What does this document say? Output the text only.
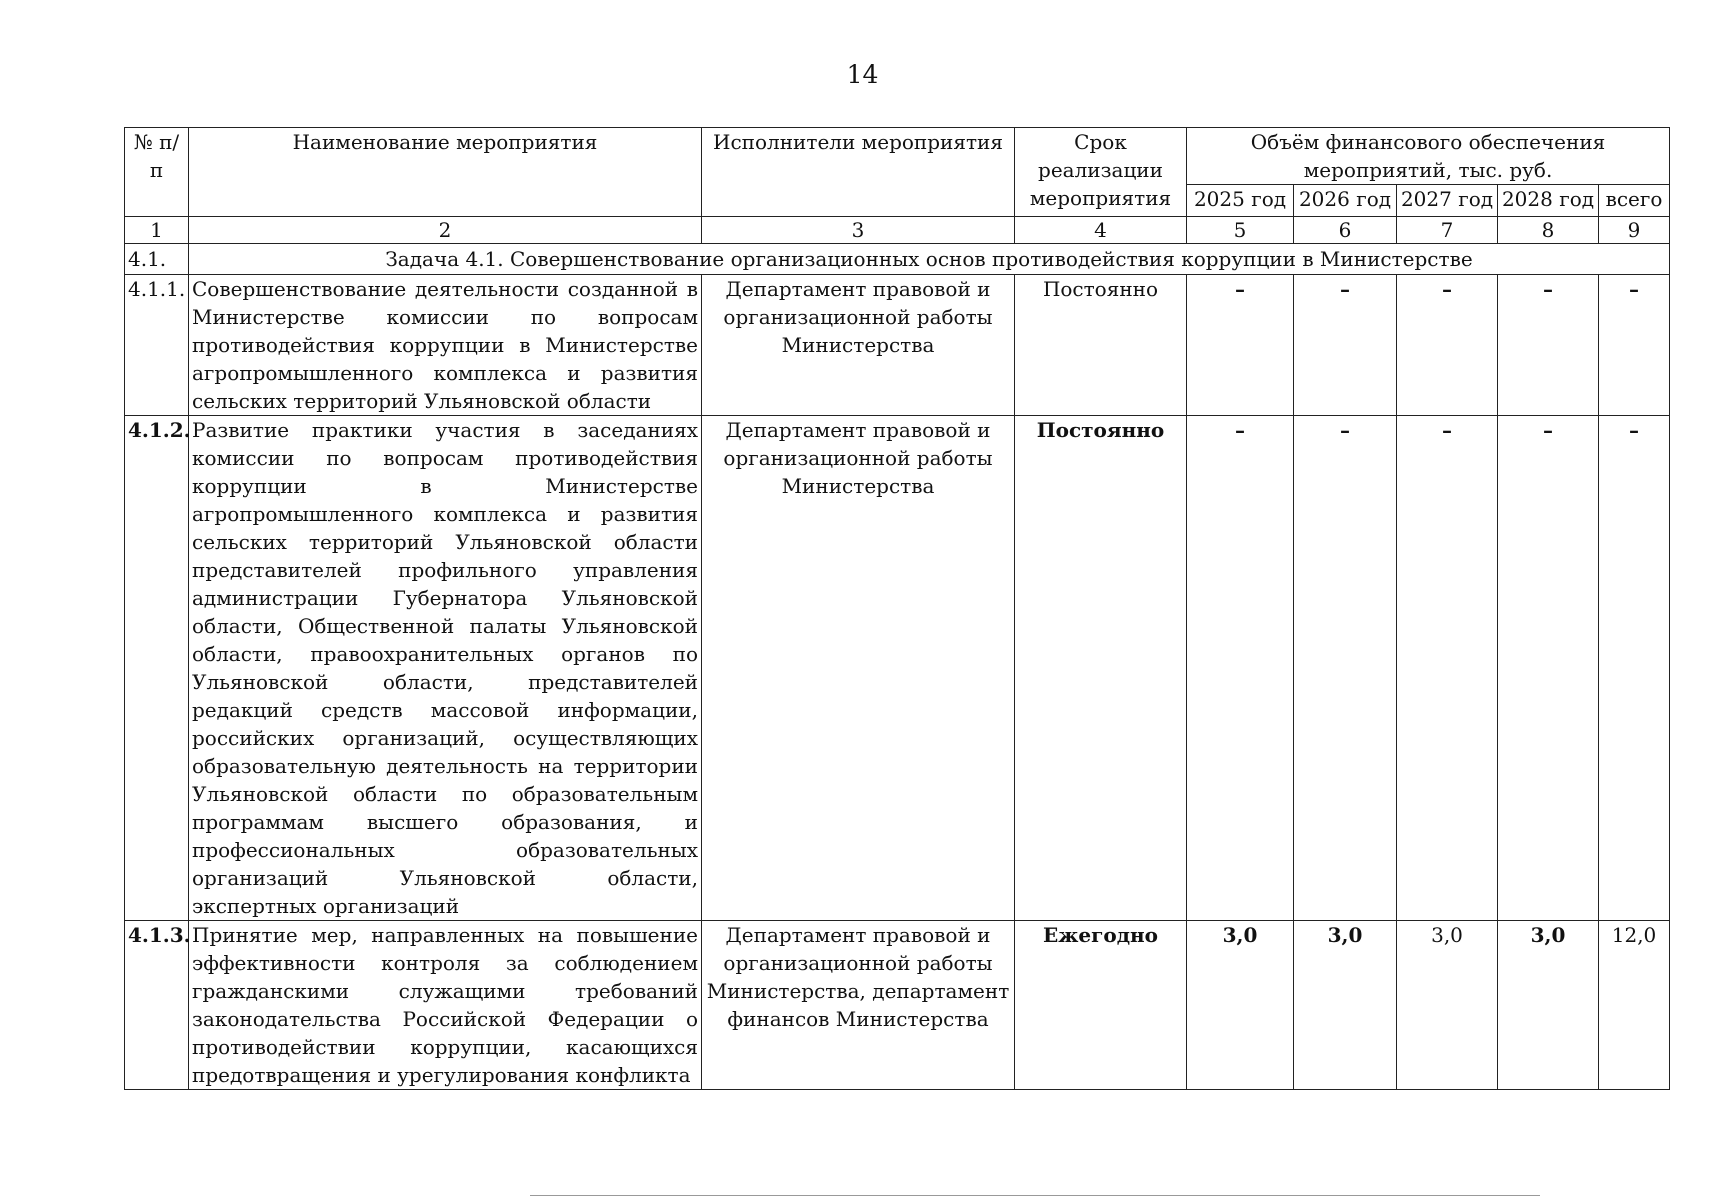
14
№ п/п	Наименование мероприятия	Исполнители мероприятия	Срок реализации мероприятия	Объём финансового обеспечения мероприятий, тыс. руб.				
				2025 год	2026 год	2027 год	2028 год	всего
1	2	3	4	5	6	7	8	9
4.1.	Задача 4.1. Совершенствование организационных основ противодействия коррупции в Министерстве							
4.1.1.	Совершенствование деятельности созданной в Министерстве комиссии по вопросам противодействия коррупции в Министерстве агропромышленного комплекса и развития сельских территорий Ульяновской области	Департамент правовой и организационной работы Министерства	Постоянно	–	–	–	–	–
4.1.2.	Развитие практики участия в заседаниях комиссии по вопросам противодействия коррупции в Министерстве агропромышленного комплекса и развития сельских территорий Ульяновской области представителей профильного управления администрации Губернатора Ульяновской области, Общественной палаты Ульяновской области, правоохранительных органов по Ульяновской области, представителей редакций средств массовой информации, российских организаций, осуществляющих образовательную деятельность на территории Ульяновской области по образовательным программам высшего образования, и профессиональных образовательных организаций Ульяновской области, экспертных организаций	Департамент правовой и организационной работы Министерства	Постоянно	–	–	–	–	–
4.1.3.	Принятие мер, направленных на повышение эффективности контроля за соблюдением гражданскими служащими требований законодательства Российской Федерации о противодействии коррупции, касающихся предотвращения и урегулирования конфликта	Департамент правовой и организационной работы Министерства, департамент финансов Министерства	Ежегодно	3,0	3,0	3,0	3,0	12,0
